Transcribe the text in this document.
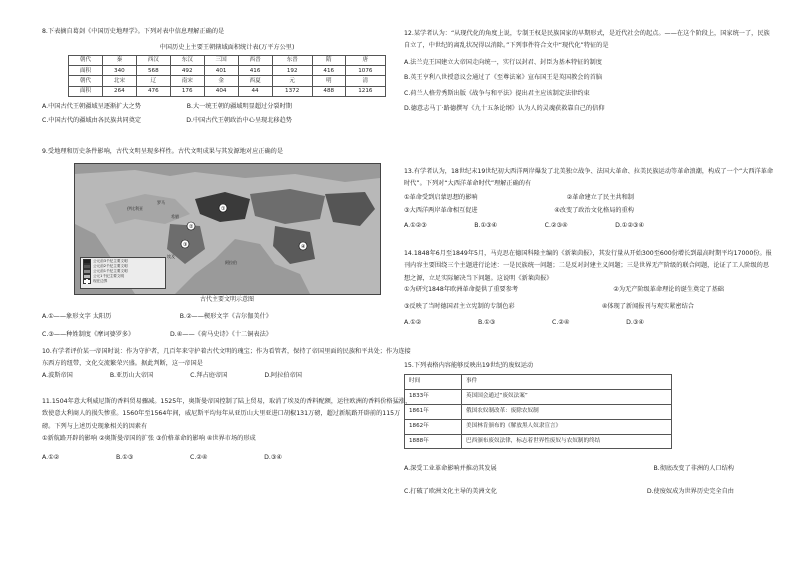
8.下表摘自葛剑《中国历史地理学》。下列对表中信息理解正确的是
中国历史上主要王朝辖域面积统计表(万平方公里)
朝代	秦	西汉	东汉	三国	西晋	东晋	隋	唐
面积	340	568	492	401	416	192	416	1076
朝代	北宋	辽	南宋	金	西夏	元	明	清
面积	264	476	176	404	44	1372	488	1216
A.中国古代王朝疆域呈逐渐扩大之势	B.大一统王朝的疆域明显超过分裂时期
C.中国古代的疆域由各民族共同奠定	D.中国古代王朝政治中心呈现北移趋势
9.受地理和历史条件影响，古代文明呈现多样性。古代文明成果与其发源地对应正确的是
①
②
③	④
伊比利亚
罗马
希腊
埃及
阿拉伯
公元前3千纪主要文明
公元前2千纪主要文明
公元前1千纪主要文明
公元1千纪主要文明
现在边界
古代主要文明示意图
A.①——象形文字 太阳历	B.②——楔形文字《吉尔伽美什》
C.③——种姓制度《摩诃婆罗多》	D.④——《荷马史诗》《十二铜表法》
10.有学者评价某一帝国时说：作为守护者，几百年来守护着古代文明的瑰宝；作为看管者，保持了帝国里面的民族和平共处；作为连接东西方的纽带，文化交流繁荣兴盛。据此判断，这一帝国是
A.波斯帝国	B.亚历山大帝国	C.拜占庭帝国	D.阿拉伯帝国
11.1504年意大利威尼斯的香料贸易骤减。1525年，奥斯曼帝国控制了陆上贸易，取消了埃及的香料配额，运往欧洲的香料价格猛涨，致使意大利商人的损失惨重。1560年至1564年间，威尼斯平均每年从亚历山大里亚进口胡椒131万磅，超过新航路开辟前的115万磅。下列与上述历史现象相关的因素有
①新航路开辟的影响 ②奥斯曼帝国的扩张 ③价格革命的影响 ④世界市场的形成
A.①②	B.①③	C.②④	D.③④
12.某学者认为：“从现代化的角度上说，专制王权是民族国家的早期形式，是近代社会的起点。——在这个阶段上，国家统一了，民族自立了，中世纪的离乱状况得以消除。”下列事件符合文中“现代化”特征的是
A.法兰克王国建立大帝国走向统一，实行以封君、封臣为基本特征的制度
B.英王亨利八世授意议会通过了《至尊法案》宣布国王是英国教会的首脑
C.荷兰人格劳秀斯出版《战争与和平法》提出君主应该制定法律约束
D.德意志马丁·路德撰写《九十五条论纲》认为人的灵魂获救靠自己的信仰
13.有学者认为，18世纪末19世纪初大西洋两岸爆发了北美独立战争、法国大革命、拉美民族运动等革命浪潮，构成了一个“大西洋革命时代”。下列对“大西洋革命时代”理解正确的有
①革命受到启蒙思想的影响	②革命建立了民主共和制
③大西洋两岸革命相互促进	④改变了政治文化格局的重构
A.①②③	B.①③④	C.②③④	D.①②③④
14.1848年6月至1849年5月，马克思在德国科隆主编的《新莱茵报》，其发行量从开始300至600份增长到最高时期平均17000份。报刊内容主要围绕三个主题进行论述：一是民族统一问题；二是反对封建主义问题；三是世界无产阶级的联合问题，论证了工人阶级的思想之源，立足实际解决当下问题。这说明《新莱茵报》
①为研究1848年欧洲革命提供了重要参考	②为无产阶级革命理论的诞生奠定了基础
③反映了当时德国君主立宪制的专制色彩	④体现了新闻报刊与观实紧密结合
A.①②	B.①③	C.②④	D.③④
15.下列表格内容能够反映出19世纪的废奴运动
时间	事件
1833年	英国国会通过“废奴法案”
1861年	俄国农奴制改革：废除农奴制
1862年	美国林肯颁布的《解放黑人奴隶宣言》
1888年	巴西颁布废奴法律，标志着世界性废奴与农奴制的终结
A.深受工业革命影响并推动其发展	B.彻底改变了非洲的人口结构
C.打破了欧洲文化主导的美洲文化	D.使废奴成为世界历史完全自由
